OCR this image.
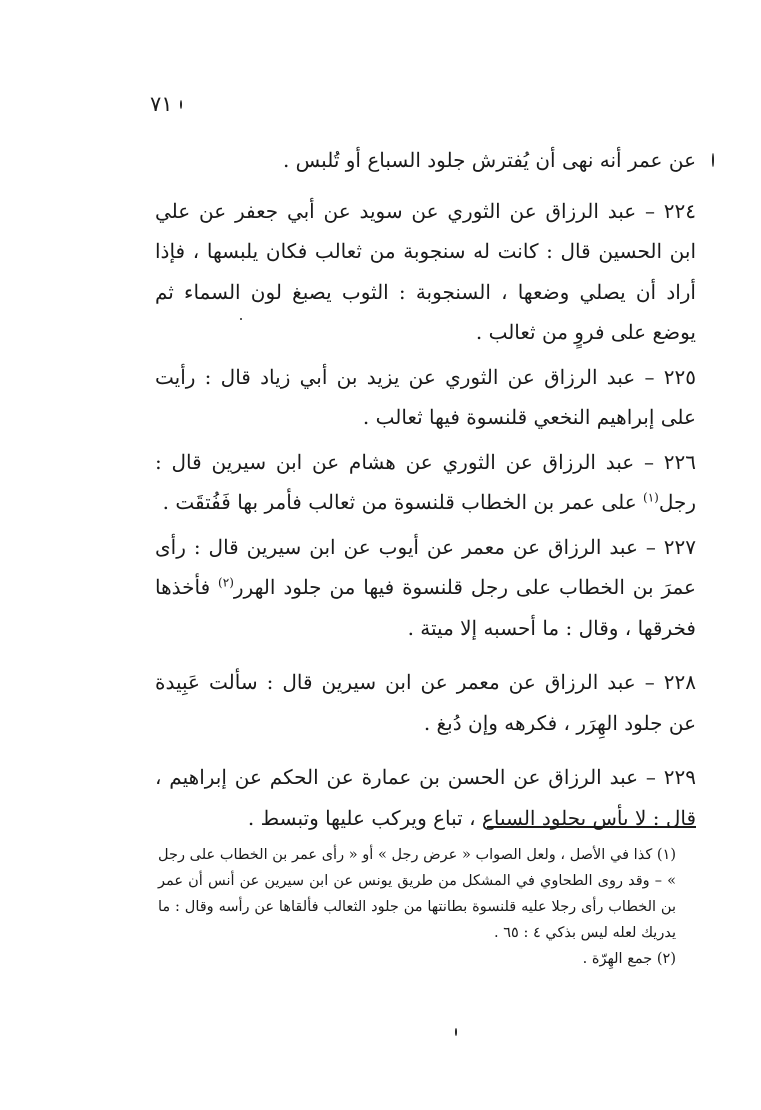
٧١

عن عمر أنه نهى أن يُفترش جلود السباع أو تُلبس .

٢٢٤ – عبد الرزاق عن الثوري عن سويد عن أبي جعفر عن علي ابن الحسين قال : كانت له سنجوبة من ثعالب فكان يلبسها ، فإذا أراد أن يصلي وضعها ، السنجوبة : الثوب يصبغ لون السماء ثم يوضع على فروٍ من ثعالب .

٢٢٥ – عبد الرزاق عن الثوري عن يزيد بن أبي زياد قال : رأيت على إبراهيم النخعي قلنسوة فيها ثعالب .

٢٢٦ – عبد الرزاق عن الثوري عن هشام عن ابن سيرين قال : رجل$^{(١)}$ على عمر بن الخطاب قلنسوة من ثعالب فأمر بها فَفُتقَت .

٢٢٧ – عبد الرزاق عن معمر عن أيوب عن ابن سيرين قال : رأى عمرَ بن الخطاب على رجل قلنسوة فيها من جلود الهرر$^{(٢)}$ فأخذها فخرقها ، وقال : ما أحسبه إلا ميتة .

٢٢٨ – عبد الرزاق عن معمر عن ابن سيرين قال : سألت عَبِيدة عن جلود الهِرَر ، فكرهه وإن دُبغ .

٢٢٩ – عبد الرزاق عن الحسن بن عمارة عن الحكم عن إبراهيم ، قال : لا بأس بجلود السباع ، تباع ويركب عليها وتبسط .

(١) كذا في الأصل ، ولعل الصواب « عرض رجل » أو « رأى عمر بن الخطاب على رجل » – وقد روى الطحاوي في المشكل من طريق يونس عن ابن سيرين عن أنس أن عمر بن الخطاب رأى رجلا عليه قلنسوة بطانتها من جلود الثعالب فألقاها عن رأسه وقال : ما يدريك لعله ليس بذكي ٤ : ٦٥ .

(٢) جمع الهِرّة .
